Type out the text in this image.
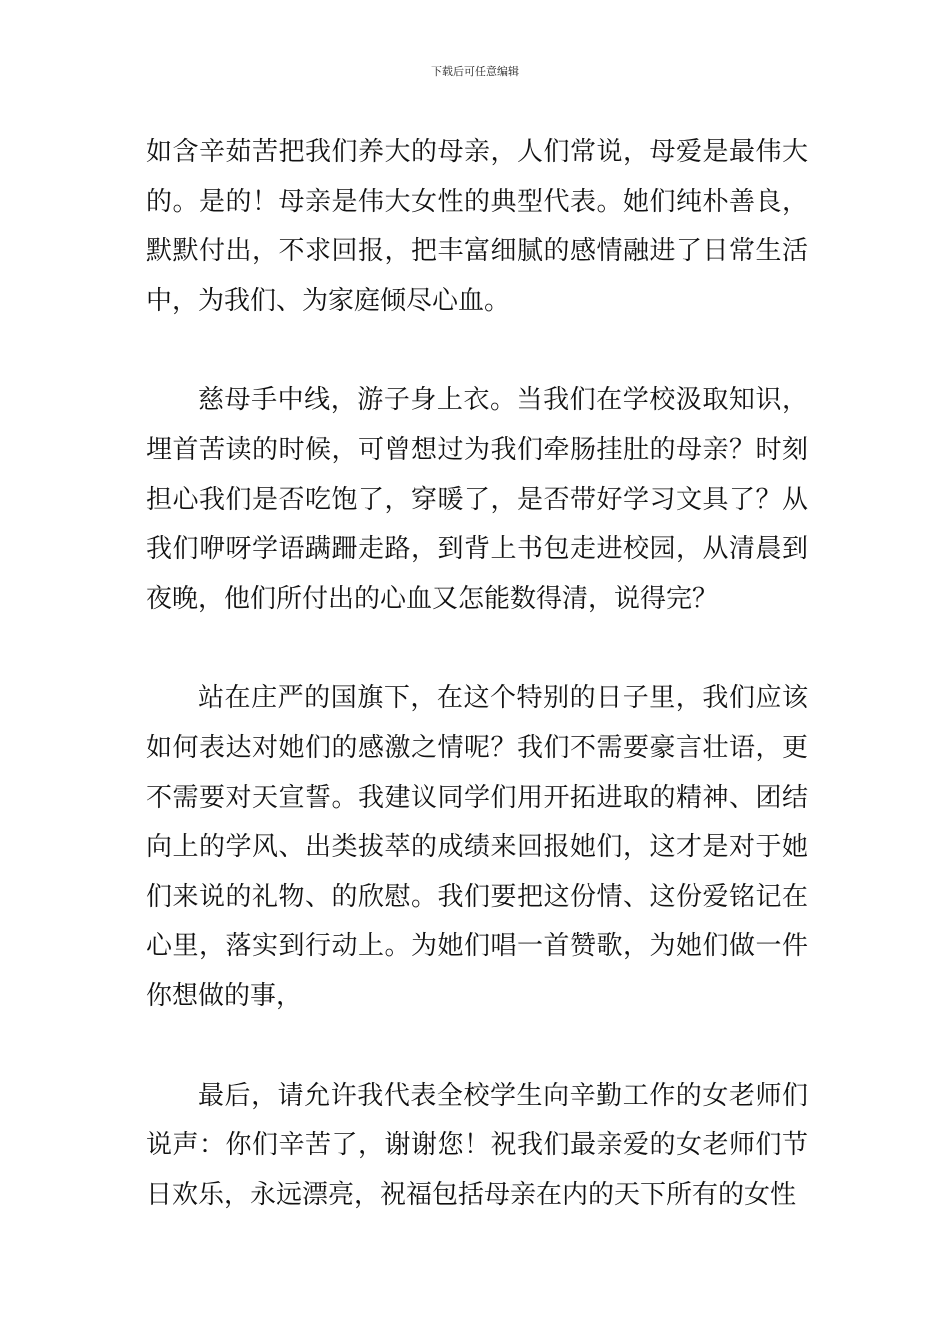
下载后可任意编辑

如含辛茹苦把我们养大的母亲，人们常说，母爱是最伟大的。是的！母亲是伟大女性的典型代表。她们纯朴善良，默默付出，不求回报，把丰富细腻的感情融进了日常生活中，为我们、为家庭倾尽心血。

慈母手中线，游子身上衣。当我们在学校汲取知识，埋首苦读的时候，可曾想过为我们牵肠挂肚的母亲？时刻担心我们是否吃饱了，穿暖了，是否带好学习文具了？从我们咿呀学语蹒跚走路，到背上书包走进校园，从清晨到夜晚，他们所付出的心血又怎能数得清，说得完？

站在庄严的国旗下，在这个特别的日子里，我们应该如何表达对她们的感激之情呢？我们不需要豪言壮语，更不需要对天宣誓。我建议同学们用开拓进取的精神、团结向上的学风、出类拔萃的成绩来回报她们，这才是对于她们来说的礼物、的欣慰。我们要把这份情、这份爱铭记在心里，落实到行动上。为她们唱一首赞歌，为她们做一件你想做的事，

最后，请允许我代表全校学生向辛勤工作的女老师们说声：你们辛苦了，谢谢您！祝我们最亲爱的女老师们节日欢乐，永远漂亮，祝福包括母亲在内的天下所有的女性
